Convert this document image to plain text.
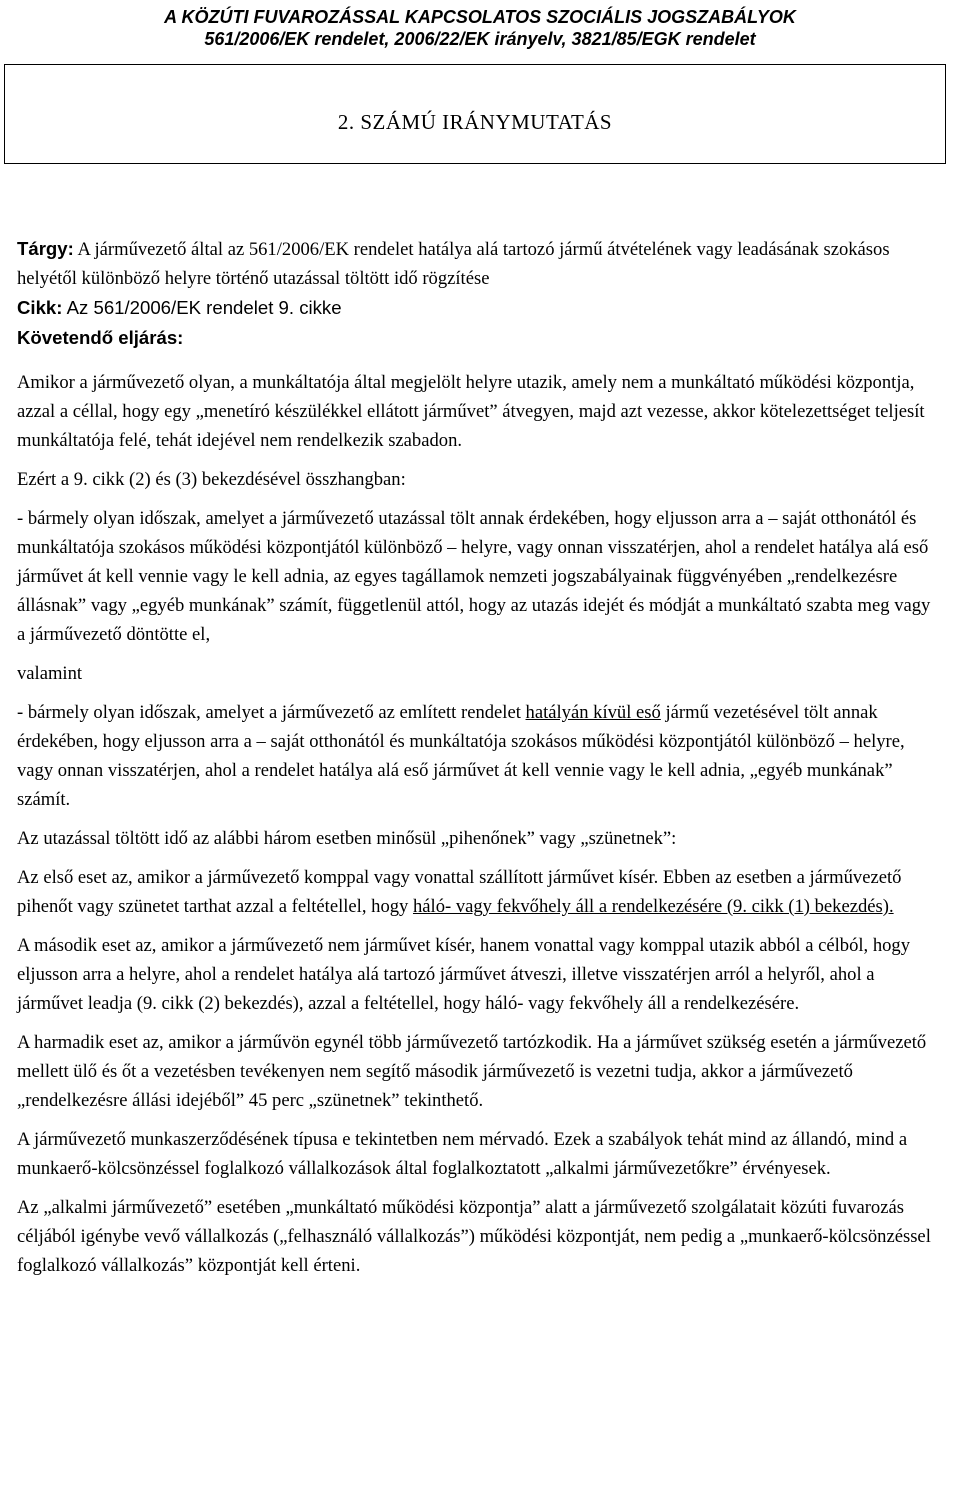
A KÖZÚTI FUVAROZÁSSAL KAPCSOLATOS SZOCIÁLIS JOGSZABÁLYOK
561/2006/EK rendelet, 2006/22/EK irányelv, 3821/85/EGK rendelet
2. SZÁMÚ IRÁNYMUTATÁS

Tárgy: A járművezető által az 561/2006/EK rendelet hatálya alá tartozó jármű átvételének vagy leadásának szokásos helyétől különböző helyre történő utazással töltött idő rögzítése

Cikk: Az 561/2006/EK rendelet 9. cikke

Követendő eljárás:

Amikor a járművezető olyan, a munkáltatója által megjelölt helyre utazik, amely nem a munkáltató működési központja, azzal a céllal, hogy egy „menetíró készülékkel ellátott járművet” átvegyen, majd azt vezesse, akkor kötelezettséget teljesít munkáltatója felé, tehát idejével nem rendelkezik szabadon.

Ezért a 9. cikk (2) és (3) bekezdésével összhangban:

- bármely olyan időszak, amelyet a járművezető utazással tölt annak érdekében, hogy eljusson arra a – saját otthonától és munkáltatója szokásos működési központjától különböző – helyre, vagy onnan visszatérjen, ahol a rendelet hatálya alá eső járművet át kell vennie vagy le kell adnia, az egyes tagállamok nemzeti jogszabályainak függvényében „rendelkezésre állásnak” vagy „egyéb munkának” számít, függetlenül attól, hogy az utazás idejét és módját a munkáltató szabta meg vagy a járművezető döntötte el,

valamint

- bármely olyan időszak, amelyet a járművezető az említett rendelet hatályán kívül eső jármű vezetésével tölt annak érdekében, hogy eljusson arra a – saját otthonától és munkáltatója szokásos működési központjától különböző – helyre, vagy onnan visszatérjen, ahol a rendelet hatálya alá eső járművet át kell vennie vagy le kell adnia, „egyéb munkának” számít.

Az utazással töltött idő az alábbi három esetben minősül „pihenőnek” vagy „szünetnek”:

Az első eset az, amikor a járművezető komppal vagy vonattal szállított járművet kísér. Ebben az esetben a járművezető pihenőt vagy szünetet tarthat azzal a feltétellel, hogy háló- vagy fekvőhely áll a rendelkezésére (9. cikk (1) bekezdés).

A második eset az, amikor a járművezető nem járművet kísér, hanem vonattal vagy komppal utazik abból a célból, hogy eljusson arra a helyre, ahol a rendelet hatálya alá tartozó járművet átveszi, illetve visszatérjen arról a helyről, ahol a járművet leadja (9. cikk (2) bekezdés), azzal a feltétellel, hogy háló- vagy fekvőhely áll a rendelkezésére.

A harmadik eset az, amikor a járművön egynél több járművezető tartózkodik. Ha a járművet szükség esetén a járművezető mellett ülő és őt a vezetésben tevékenyen nem segítő második járművezető is vezetni tudja, akkor a járművezető „rendelkezésre állási idejéből” 45 perc „szünetnek” tekinthető.

A járművezető munkaszerződésének típusa e tekintetben nem mérvadó. Ezek a szabályok tehát mind az állandó, mind a munkaerő-kölcsönzéssel foglalkozó vállalkozások által foglalkoztatott „alkalmi járművezetőkre” érvényesek.

Az „alkalmi járművezető” esetében „munkáltató működési központja” alatt a járművezető szolgálatait közúti fuvarozás céljából igénybe vevő vállalkozás („felhasználó vállalkozás”) működési központját, nem pedig a „munkaerő-kölcsönzéssel foglalkozó vállalkozás” központját kell érteni.
